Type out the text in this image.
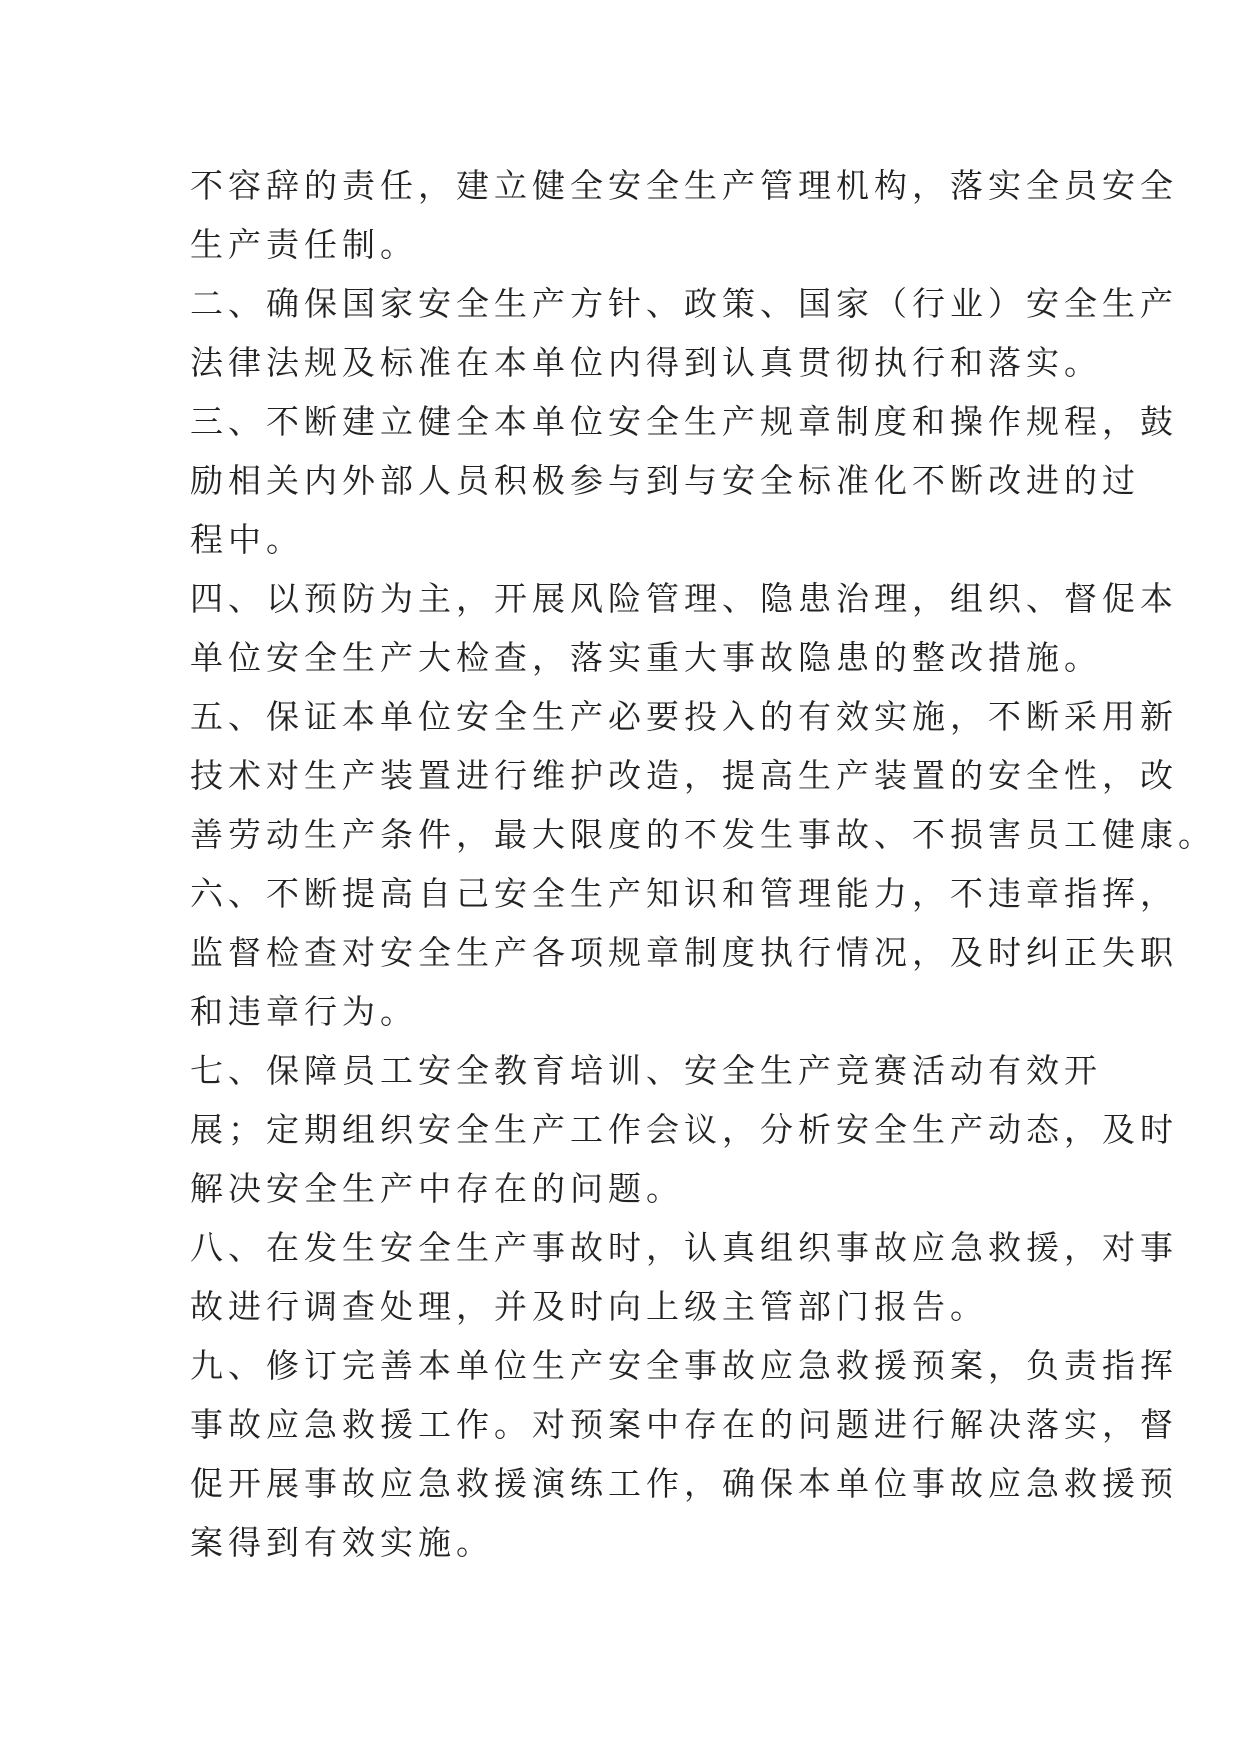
不容辞的责任，建立健全安全生产管理机构，落实全员安全

生产责任制。

二、确保国家安全生产方针、政策、国家（行业）安全生产

法律法规及标准在本单位内得到认真贯彻执行和落实。

三、不断建立健全本单位安全生产规章制度和操作规程，鼓

励相关内外部人员积极参与到与安全标准化不断改进的过

程中。

四、以预防为主，开展风险管理、隐患治理，组织、督促本

单位安全生产大检查，落实重大事故隐患的整改措施。

五、保证本单位安全生产必要投入的有效实施，不断采用新

技术对生产装置进行维护改造，提高生产装置的安全性，改

善劳动生产条件，最大限度的不发生事故、不损害员工健康。

六、不断提高自己安全生产知识和管理能力，不违章指挥，

监督检查对安全生产各项规章制度执行情况，及时纠正失职

和违章行为。

七、保障员工安全教育培训、安全生产竞赛活动有效开

展；定期组织安全生产工作会议，分析安全生产动态，及时

解决安全生产中存在的问题。

八、在发生安全生产事故时，认真组织事故应急救援，对事

故进行调查处理，并及时向上级主管部门报告。

九、修订完善本单位生产安全事故应急救援预案，负责指挥

事故应急救援工作。对预案中存在的问题进行解决落实，督

促开展事故应急救援演练工作，确保本单位事故应急救援预

案得到有效实施。
